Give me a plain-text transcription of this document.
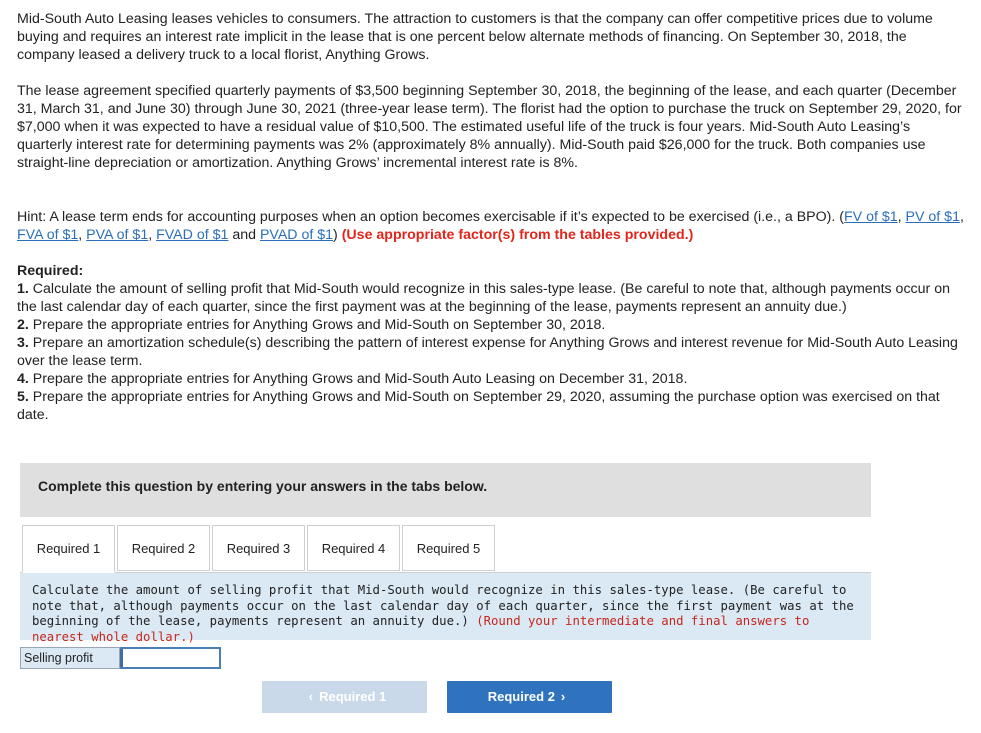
Mid-South Auto Leasing leases vehicles to consumers. The attraction to customers is that the company can offer competitive prices due to volume buying and requires an interest rate implicit in the lease that is one percent below alternate methods of financing. On September 30, 2018, the company leased a delivery truck to a local florist, Anything Grows.

The lease agreement specified quarterly payments of $3,500 beginning September 30, 2018, the beginning of the lease, and each quarter (December 31, March 31, and June 30) through June 30, 2021 (three-year lease term). The florist had the option to purchase the truck on September 29, 2020, for $7,000 when it was expected to have a residual value of $10,500. The estimated useful life of the truck is four years. Mid-South Auto Leasing’s quarterly interest rate for determining payments was 2% (approximately 8% annually). Mid-South paid $26,000 for the truck. Both companies use straight-line depreciation or amortization. Anything Grows’ incremental interest rate is 8%.

Hint: A lease term ends for accounting purposes when an option becomes exercisable if it’s expected to be exercised (i.e., a BPO). (FV of $1, PV of $1, FVA of $1, PVA of $1, FVAD of $1 and PVAD of $1) (Use appropriate factor(s) from the tables provided.)

Required:
1. Calculate the amount of selling profit that Mid-South would recognize in this sales-type lease. (Be careful to note that, although payments occur on the last calendar day of each quarter, since the first payment was at the beginning of the lease, payments represent an annuity due.)
2. Prepare the appropriate entries for Anything Grows and Mid-South on September 30, 2018.
3. Prepare an amortization schedule(s) describing the pattern of interest expense for Anything Grows and interest revenue for Mid-South Auto Leasing over the lease term.
4. Prepare the appropriate entries for Anything Grows and Mid-South Auto Leasing on December 31, 2018.
5. Prepare the appropriate entries for Anything Grows and Mid-South on September 29, 2020, assuming the purchase option was exercised on that date.
Complete this question by entering your answers in the tabs below.
Required 1	Required 2	Required 3	Required 4	Required 5
Calculate the amount of selling profit that Mid-South would recognize in this sales-type lease. (Be careful to note that, although payments occur on the last calendar day of each quarter, since the first payment was at the beginning of the lease, payments represent an annuity due.) (Round your intermediate and final answers to nearest whole dollar.)
Selling profit
‹ Required 1	Required 2 ›
